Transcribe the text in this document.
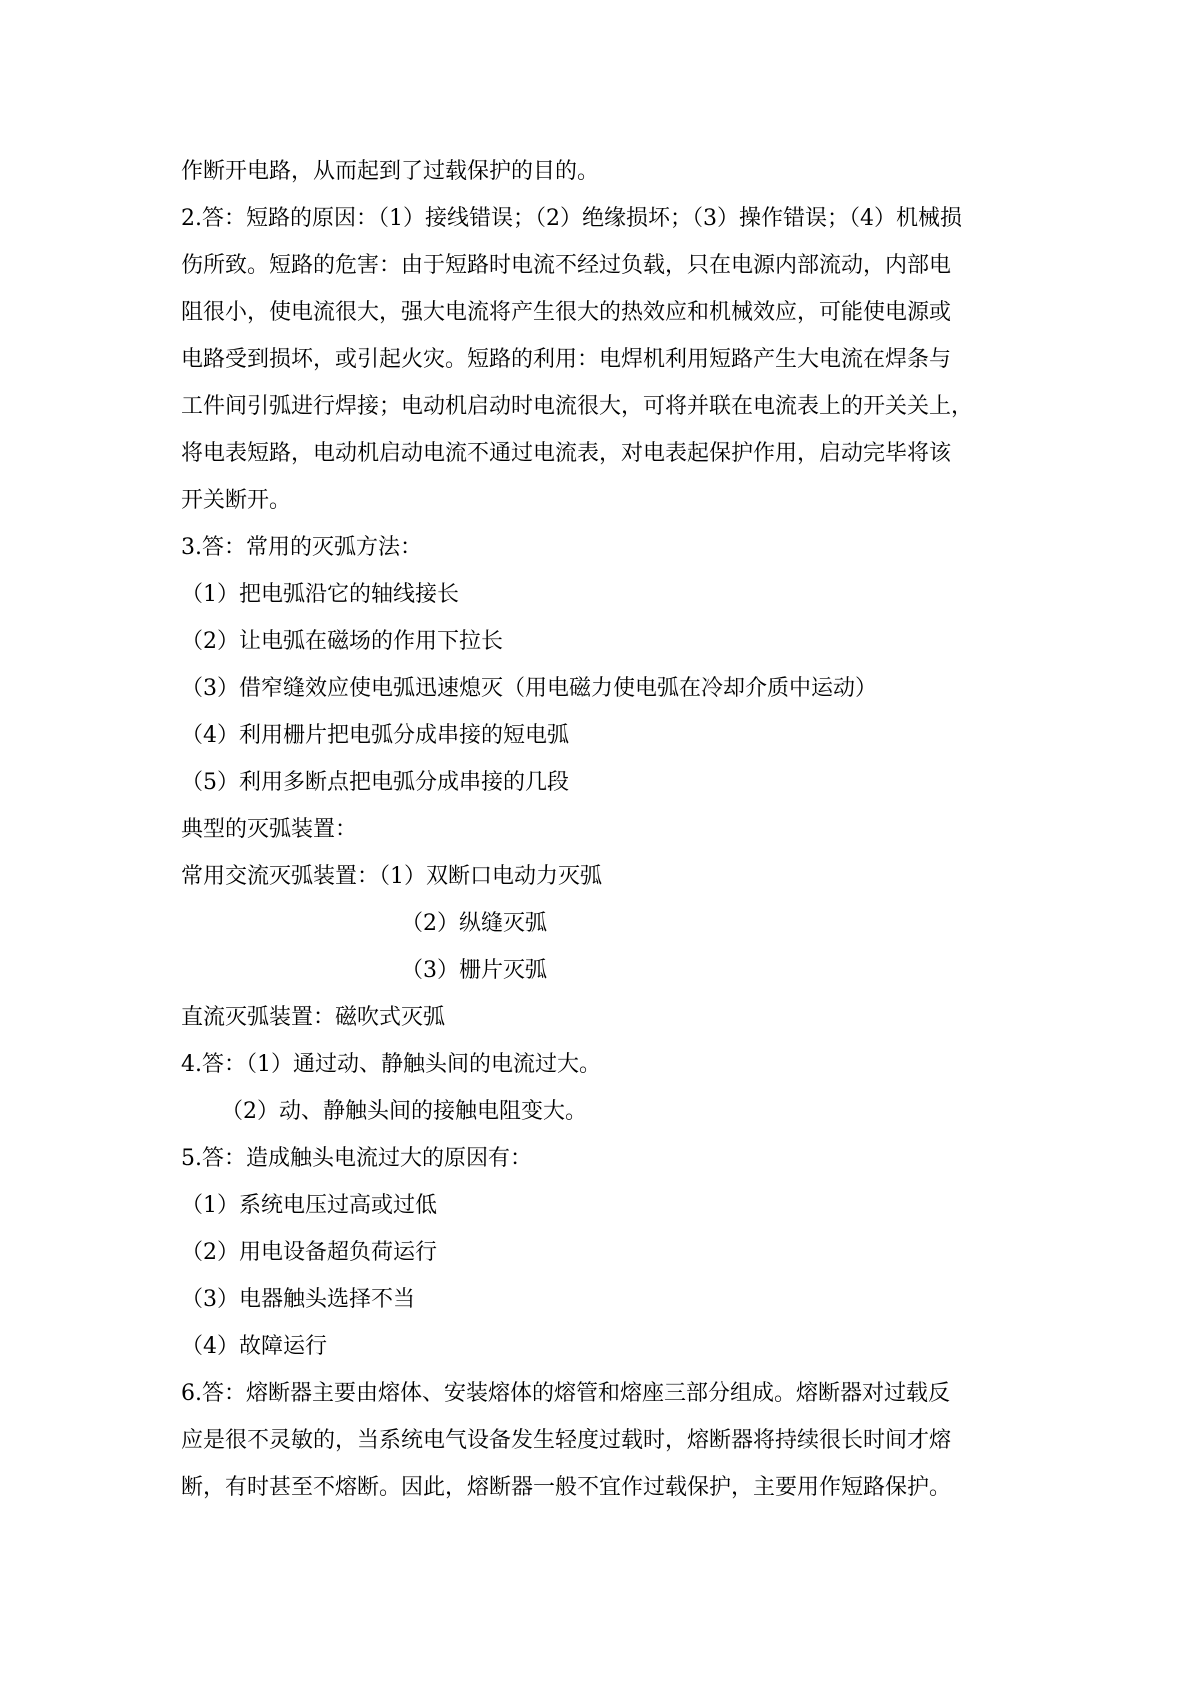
作断开电路，从而起到了过载保护的目的。
2.答：短路的原因：（1）接线错误；（2）绝缘损坏；（3）操作错误；（4）机械损
伤所致。短路的危害：由于短路时电流不经过负载，只在电源内部流动，内部电
阻很小，使电流很大，强大电流将产生很大的热效应和机械效应，可能使电源或
电路受到损坏，或引起火灾。短路的利用：电焊机利用短路产生大电流在焊条与
工件间引弧进行焊接；电动机启动时电流很大，可将并联在电流表上的开关关上，
将电表短路，电动机启动电流不通过电流表，对电表起保护作用，启动完毕将该
开关断开。
3.答：常用的灭弧方法：
（1）把电弧沿它的轴线接长
（2）让电弧在磁场的作用下拉长
（3）借窄缝效应使电弧迅速熄灭（用电磁力使电弧在冷却介质中运动）
（4）利用栅片把电弧分成串接的短电弧
（5）利用多断点把电弧分成串接的几段
典型的灭弧装置：
常用交流灭弧装置：（1）双断口电动力灭弧
（2）纵缝灭弧
（3）栅片灭弧
直流灭弧装置：磁吹式灭弧
4.答：（1）通过动、静触头间的电流过大。
（2）动、静触头间的接触电阻变大。
5.答：造成触头电流过大的原因有：
（1）系统电压过高或过低
（2）用电设备超负荷运行
（3）电器触头选择不当
（4）故障运行
6.答：熔断器主要由熔体、安装熔体的熔管和熔座三部分组成。熔断器对过载反
应是很不灵敏的，当系统电气设备发生轻度过载时，熔断器将持续很长时间才熔
断，有时甚至不熔断。因此，熔断器一般不宜作过载保护，主要用作短路保护。
